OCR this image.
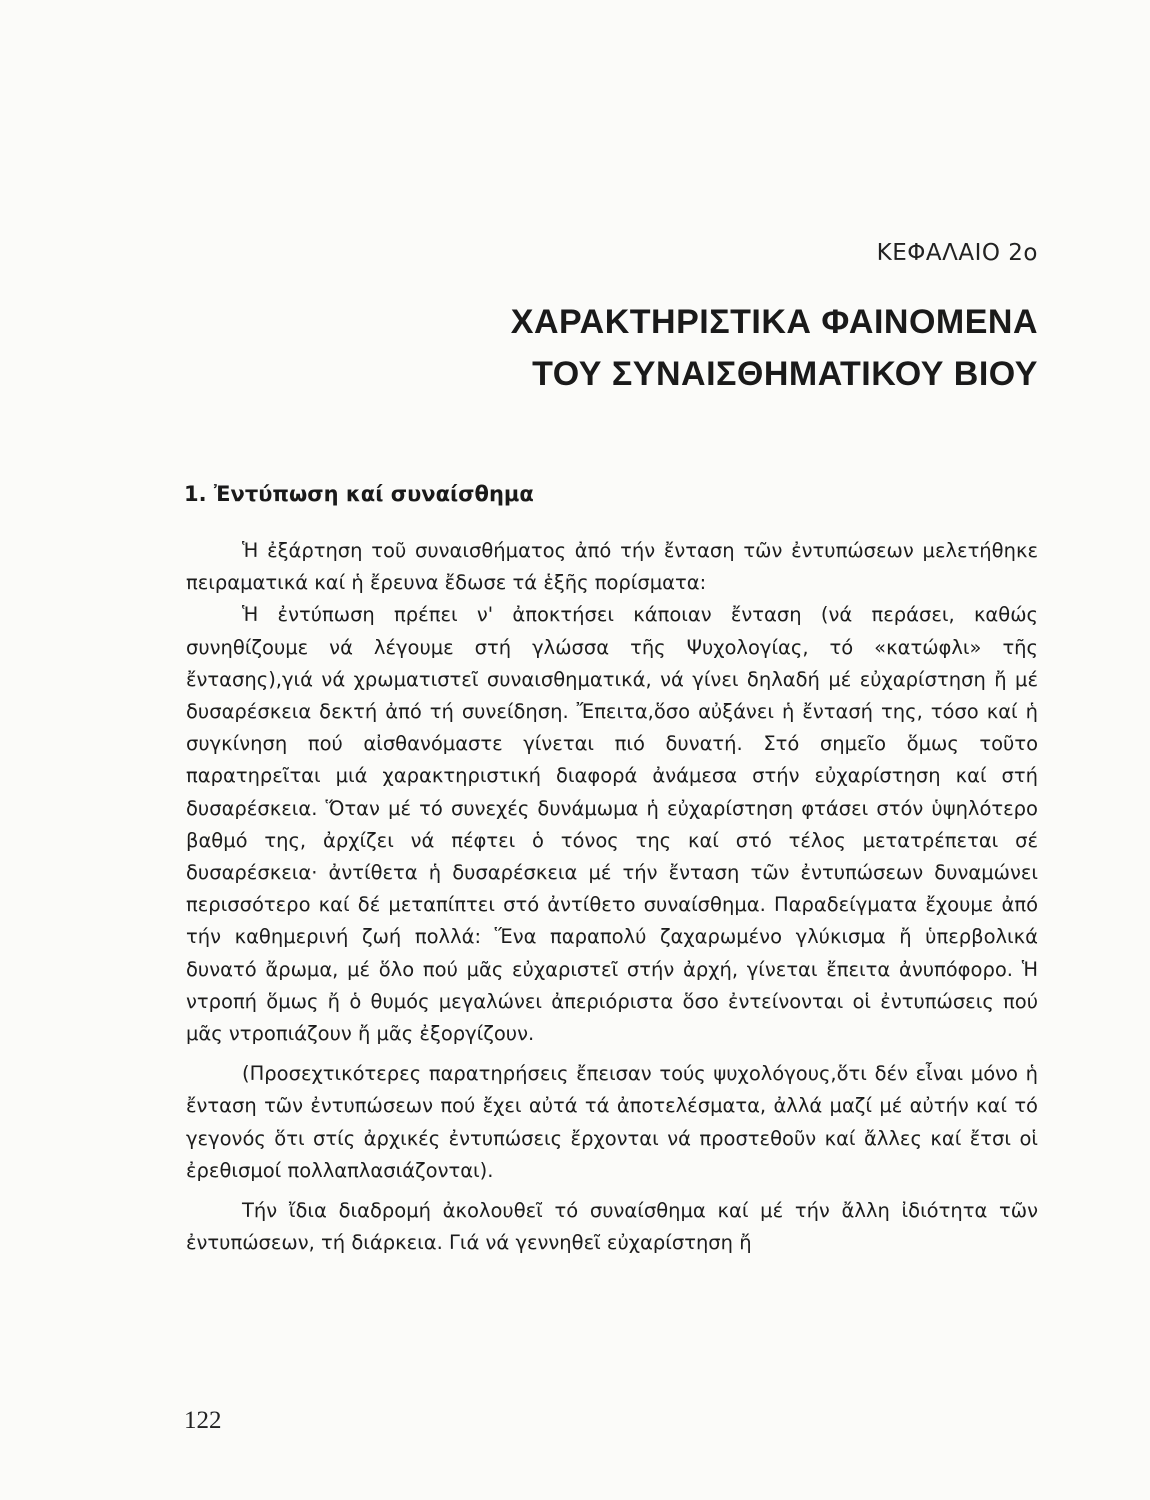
ΚΕΦΑΛΑΙΟ 2ο
ΧΑΡΑΚΤΗΡΙΣΤΙΚΑ ΦΑΙΝΟΜΕΝΑ
ΤΟΥ ΣΥΝΑΙΣΘΗΜΑΤΙΚΟΥ ΒΙΟΥ
1. Ἐντύπωση καί συναίσθημα

Ἡ ἐξάρτηση τοῦ συναισθήματος ἀπό τήν ἔνταση τῶν ἐντυπώσεων μελετήθηκε πειραματικά καί ἡ ἔρευνα ἔδωσε τά ἑξῆς πορίσματα:

Ἡ ἐντύπωση πρέπει ν' ἀποκτήσει κάποιαν ἔνταση (νά περάσει, καθώς συνηθίζουμε νά λέγουμε στή γλώσσα τῆς Ψυχολογίας, τό «κατώφλι» τῆς ἔντασης),γιά νά χρωματιστεῖ συναισθηματικά, νά γίνει δηλαδή μέ εὐχαρίστηση ἤ μέ δυσαρέσκεια δεκτή ἀπό τή συνείδηση. Ἔπειτα,ὅσο αὐξάνει ἡ ἔντασή της, τόσο καί ἡ συγκίνηση πού αἰσθανόμαστε γίνεται πιό δυνατή. Στό σημεῖο ὅμως τοῦτο παρατηρεῖται μιά χαρακτηριστική διαφορά ἀνάμεσα στήν εὐχαρίστηση καί στή δυσαρέσκεια. Ὅταν μέ τό συνεχές δυνάμωμα ἡ εὐχαρίστηση φτάσει στόν ὑψηλότερο βαθμό της, ἀρχίζει νά πέφτει ὁ τόνος της καί στό τέλος μετατρέπεται σέ δυσαρέσκεια· ἀντίθετα ἡ δυσαρέσκεια μέ τήν ἔνταση τῶν ἐντυπώσεων δυναμώνει περισσότερο καί δέ μεταπίπτει στό ἀντίθετο συναίσθημα. Παραδείγματα ἔχουμε ἀπό τήν καθημερινή ζωή πολλά: Ἕνα παραπολύ ζαχαρωμένο γλύκισμα ἤ ὑπερβολικά δυνατό ἄρωμα, μέ ὅλο πού μᾶς εὐχαριστεῖ στήν ἀρχή, γίνεται ἔπειτα ἀνυπόφορο. Ἡ ντροπή ὅμως ἤ ὁ θυμός μεγαλώνει ἀπεριόριστα ὅσο ἐντείνονται οἱ ἐντυπώσεις πού μᾶς ντροπιάζουν ἤ μᾶς ἐξοργίζουν.

(Προσεχτικότερες παρατηρήσεις ἔπεισαν τούς ψυχολόγους,ὅτι δέν εἶναι μόνο ἡ ἔνταση τῶν ἐντυπώσεων πού ἔχει αὐτά τά ἀποτελέσματα, ἀλλά μαζί μέ αὐτήν καί τό γεγονός ὅτι στίς ἀρχικές ἐντυπώσεις ἔρχονται νά προστεθοῦν καί ἄλλες καί ἔτσι οἱ ἐρεθισμοί πολλαπλασιάζονται).

Τήν ἴδια διαδρομή ἀκολουθεῖ τό συναίσθημα καί μέ τήν ἄλλη ἰδιότητα τῶν ἐντυπώσεων, τή διάρκεια. Γιά νά γεννηθεῖ εὐχαρίστηση ἤ

122
